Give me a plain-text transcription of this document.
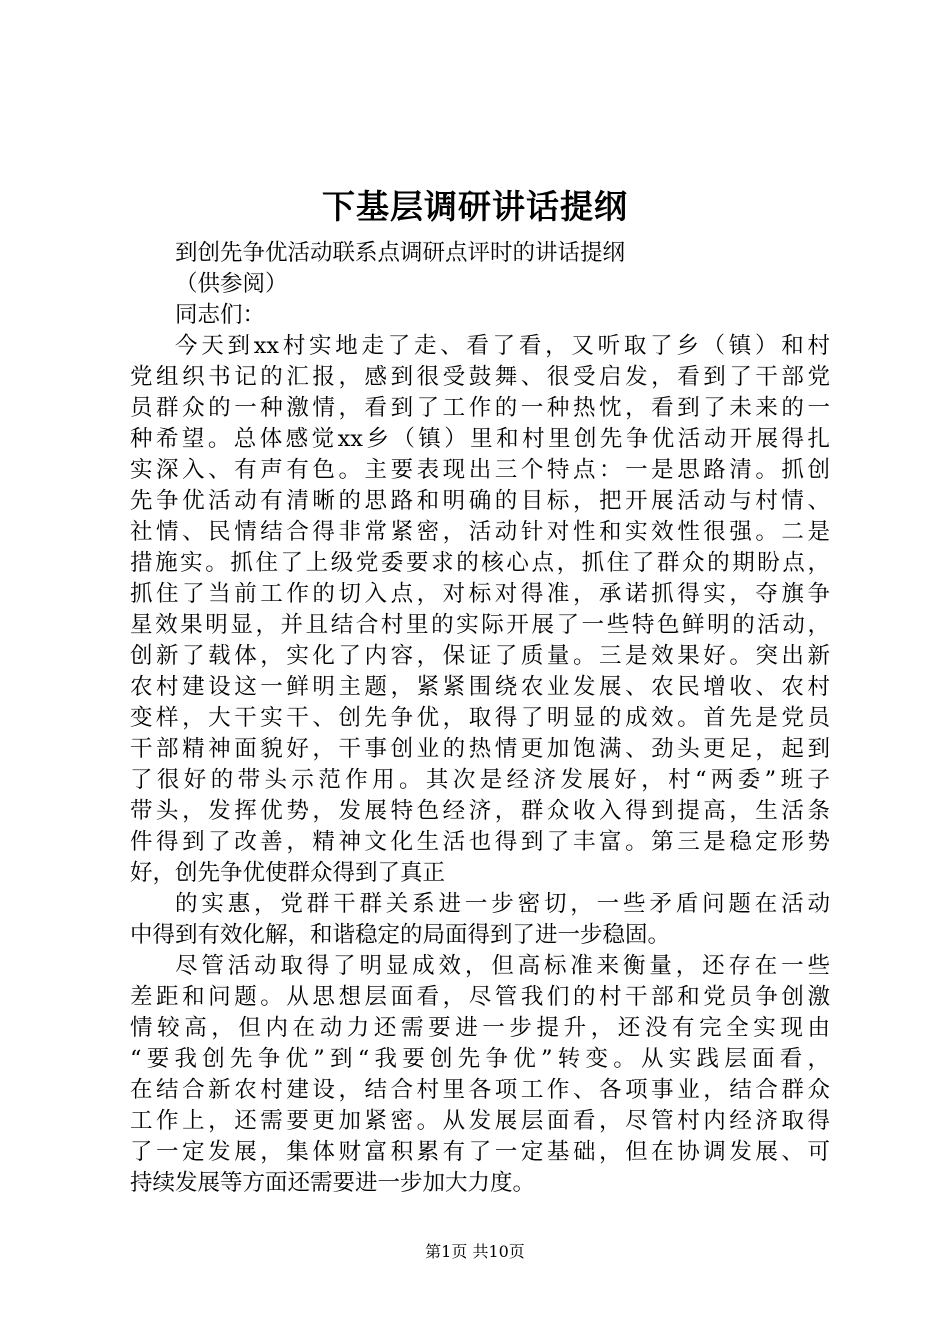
下基层调研讲话提纲
到创先争优活动联系点调研点评时的讲话提纲
（供参阅）
同志们：
今天到xx村实地走了走、看了看，又听取了乡（镇）和村
党组织书记的汇报，感到很受鼓舞、很受启发，看到了干部党
员群众的一种激情，看到了工作的一种热忱，看到了未来的一
种希望。总体感觉xx乡（镇）里和村里创先争优活动开展得扎
实深入、有声有色。主要表现出三个特点：一是思路清。抓创
先争优活动有清晰的思路和明确的目标，把开展活动与村情、
社情、民情结合得非常紧密，活动针对性和实效性很强。二是
措施实。抓住了上级党委要求的核心点，抓住了群众的期盼点，
抓住了当前工作的切入点，对标对得准，承诺抓得实，夺旗争
星效果明显，并且结合村里的实际开展了一些特色鲜明的活动，
创新了载体，实化了内容，保证了质量。三是效果好。突出新
农村建设这一鲜明主题，紧紧围绕农业发展、农民增收、农村
变样，大干实干、创先争优，取得了明显的成效。首先是党员
干部精神面貌好，干事创业的热情更加饱满、劲头更足，起到
了很好的带头示范作用。其次是经济发展好，村“两委”班子
带头，发挥优势，发展特色经济，群众收入得到提高，生活条
件得到了改善，精神文化生活也得到了丰富。第三是稳定形势
好，创先争优使群众得到了真正
的实惠，党群干群关系进一步密切，一些矛盾问题在活动
中得到有效化解，和谐稳定的局面得到了进一步稳固。
尽管活动取得了明显成效，但高标准来衡量，还存在一些
差距和问题。从思想层面看，尽管我们的村干部和党员争创激
情较高，但内在动力还需要进一步提升，还没有完全实现由
“要我创先争优”到“我要创先争优”转变。从实践层面看，
在结合新农村建设，结合村里各项工作、各项事业，结合群众
工作上，还需要更加紧密。从发展层面看，尽管村内经济取得
了一定发展，集体财富积累有了一定基础，但在协调发展、可
持续发展等方面还需要进一步加大力度。
第1页 共10页
